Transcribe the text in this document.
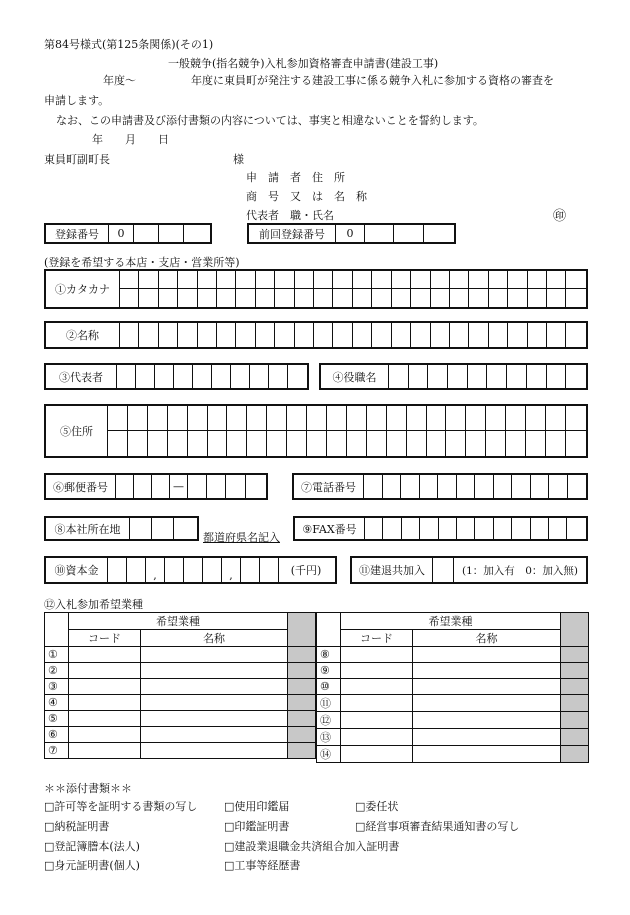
第84号様式(第125条関係)(その1)
一般競争(指名競争)入札参加資格審査申請書(建設工事)
年度〜　　　　　年度に東員町が発注する建設工事に係る競争入札に参加する資格の審査を
申請します。
なお、この申請書及び添付書類の内容については、事実と相違ないことを誓約します。
年　　月　　日
東員町副町長	様
申　請　者　住　所
商　号　又　は　名　称
代表者　職・氏名	㊞
登録番号	0	前回登録番号	0
(登録を希望する本店・支店・営業所等)
①カタカナ
②名称
③代表者	④役職名
⑤住所
⑥郵便番号	—	⑦電話番号
⑧本社所在地
都道府県名記入
⑨FAX番号
⑩資本金	,	,	(千円)	⑪建退共加入	(1：加入有　0：加入無)
⑫入札参加希望業種
	希望業種		
	コード	名称	
①			
②			
③			
④			
⑤			
⑥			
⑦			
	希望業種		
	コード	名称	
⑧			
⑨			
⑩			
⑪			
⑫			
⑬			
⑭			
＊＊添付書類＊＊
□許可等を証明する書類の写し □使用印鑑届	□委任状
□納税証明書	□印鑑証明書	□経営事項審査結果通知書の写し
□登記簿謄本(法人)	□建設業退職金共済組合加入証明書
□身元証明書(個人)	□工事等経歴書
